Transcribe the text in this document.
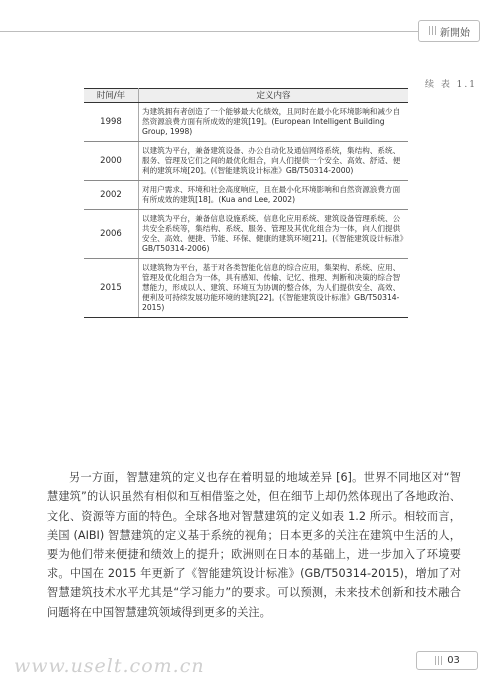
||| 新開始
续 表 1.1
时间/年	定义内容
1998	为建筑拥有者创造了一个能够最大化绩效，且同时在最小化环境影响和减少自然资源浪费方面有所成效的建筑[19]。(European Intelligent Building Group, 1998)
2000	以建筑为平台，兼备建筑设备、办公自动化及通信网络系统，集结构、系统、服务、管理及它们之间的最优化组合，向人们提供一个安全、高效、舒适、便利的建筑环境[20]。(《智能建筑设计标准》GB/T50314-2000)
2002	对用户需求、环境和社会高度响应，且在最小化环境影响和自然资源浪费方面有所成效的建筑[18]。(Kua and Lee, 2002)
2006	以建筑为平台，兼备信息设施系统、信息化应用系统、建筑设备管理系统、公共安全系统等，集结构、系统、服务、管理及其优化组合为一体，向人们提供安全、高效、便捷、节能、环保、健康的建筑环境[21]。(《智能建筑设计标准》GB/T50314-2006)
2015	以建筑物为平台，基于对各类智能化信息的综合应用，集架构、系统、应用、管理及优化组合为一体，具有感知、传输、记忆、推理、判断和决策的综合智慧能力，形成以人、建筑、环境互为协调的整合体，为人们提供安全、高效、便利及可持续发展功能环境的建筑[22]。(《智能建筑设计标准》GB/T50314-2015)

另一方面，智慧建筑的定义也存在着明显的地域差异 [6]。世界不同地区对“智慧建筑”的认识虽然有相似和互相借鉴之处，但在细节上却仍然体现出了各地政治、文化、资源等方面的特色。全球各地对智慧建筑的定义如表 1.2 所示。相较而言，美国 (AIBI) 智慧建筑的定义基于系统的视角；日本更多的关注在建筑中生活的人，要为他们带来便捷和绩效上的提升；欧洲则在日本的基础上，进一步加入了环境要求。中国在 2015 年更新了《智能建筑设计标准》(GB/T50314-2015)，增加了对智慧建筑技术水平尤其是“学习能力”的要求。可以预测，未来技术创新和技术融合问题将在中国智慧建筑领域得到更多的关注。

www.uselt.com.cn	||| 03
